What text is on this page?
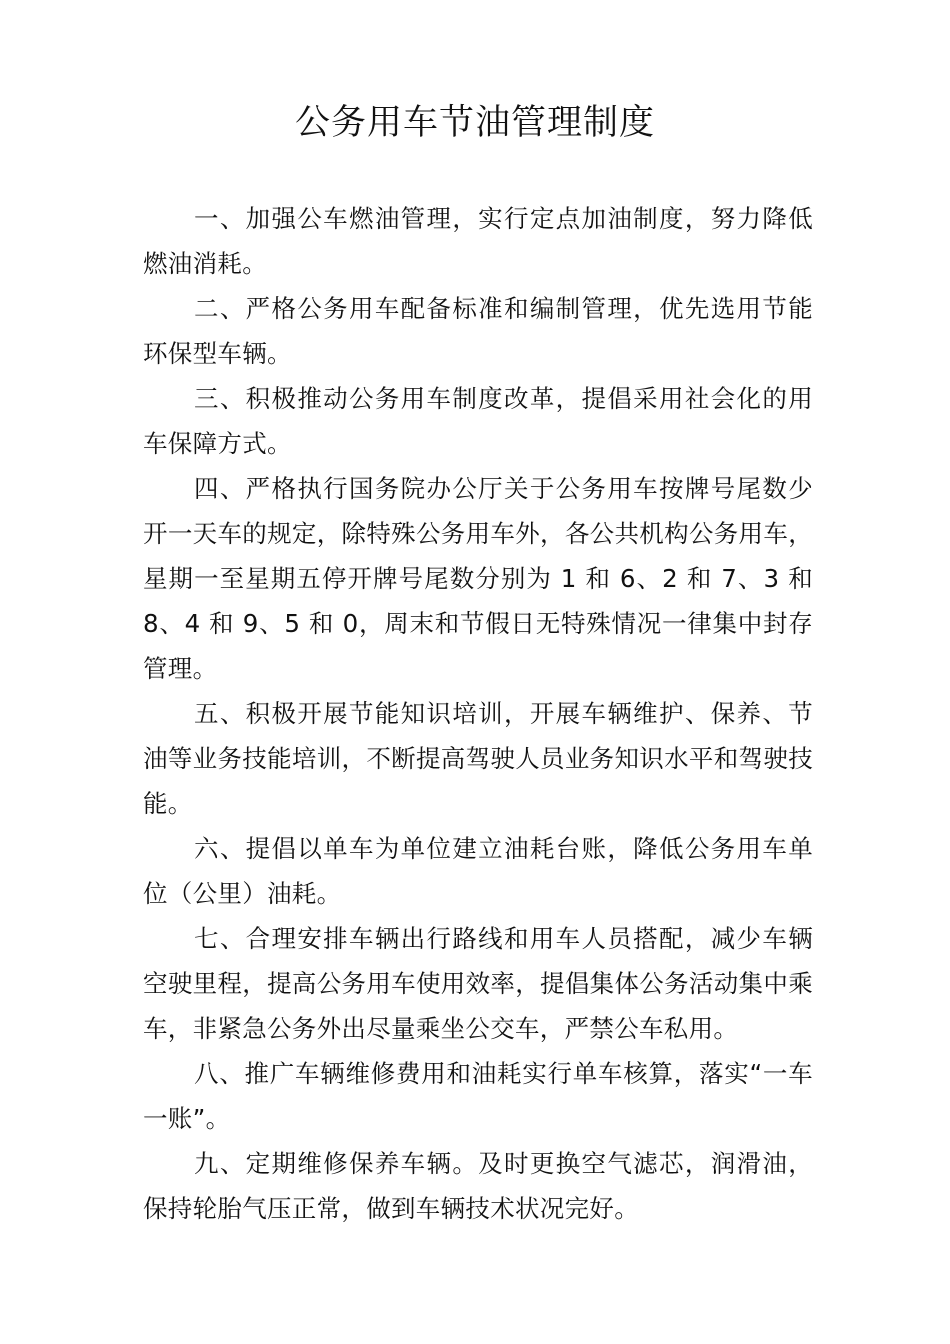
公务用车节油管理制度

一、加强公车燃油管理，实行定点加油制度，努力降低燃油消耗。

二、严格公务用车配备标准和编制管理，优先选用节能环保型车辆。

三、积极推动公务用车制度改革，提倡采用社会化的用车保障方式。

四、严格执行国务院办公厅关于公务用车按牌号尾数少开一天车的规定，除特殊公务用车外，各公共机构公务用车，星期一至星期五停开牌号尾数分别为 1 和 6、2 和 7、3 和 8、4 和 9、5 和 0，周末和节假日无特殊情况一律集中封存管理。

五、积极开展节能知识培训，开展车辆维护、保养、节油等业务技能培训，不断提高驾驶人员业务知识水平和驾驶技能。

六、提倡以单车为单位建立油耗台账，降低公务用车单位（公里）油耗。

七、合理安排车辆出行路线和用车人员搭配，减少车辆空驶里程，提高公务用车使用效率，提倡集体公务活动集中乘车，非紧急公务外出尽量乘坐公交车，严禁公车私用。

八、推广车辆维修费用和油耗实行单车核算，落实“一车一账”。

九、定期维修保养车辆。及时更换空气滤芯，润滑油，保持轮胎气压正常，做到车辆技术状况完好。
